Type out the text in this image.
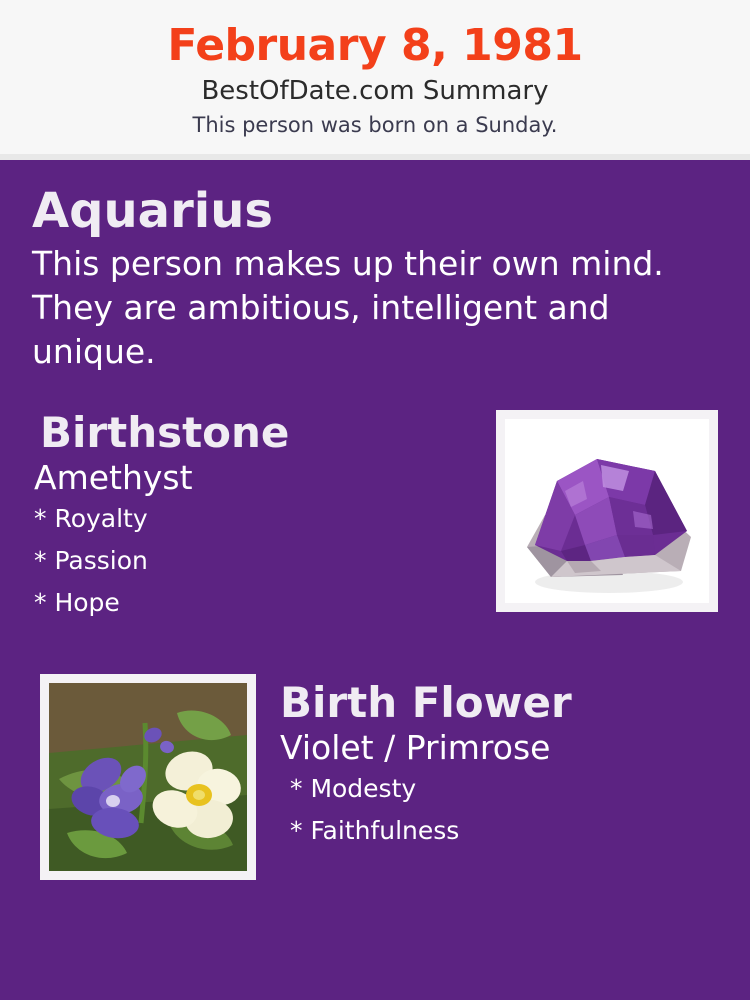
February 8, 1981
BestOfDate.com Summary
This person was born on a Sunday.
Aquarius
This person makes up their own mind. They are ambitious, intelligent and unique.
Birthstone
Amethyst
* Royalty
* Passion
* Hope
Birth Flower
Violet / Primrose
* Modesty
* Faithfulness
